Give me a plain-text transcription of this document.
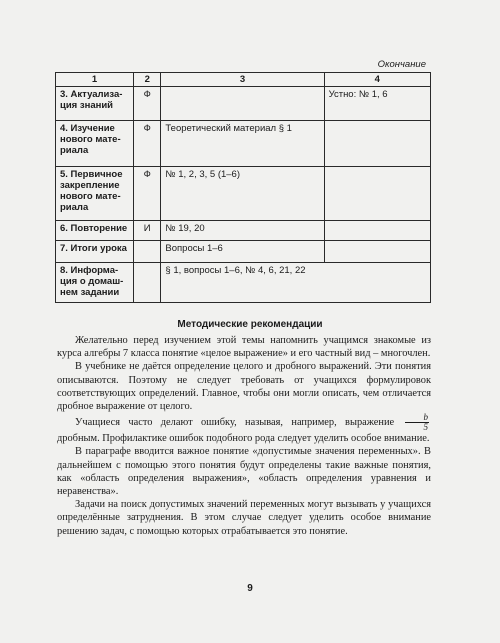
Окончание
1	2	3	4
3. Актуализа-
ция знаний	Ф		Устно: № 1, 6
4. Изучение
нового мате-
риала	Ф	Теоретический материал § 1	
5. Первичное
закрепление
нового мате-
риала	Ф	№ 1, 2, 3, 5 (1–6)	
6. Повторение	И	№ 19, 20	
7. Итоги урока		Вопросы 1–6	
8. Информа-
ция о домаш-
нем задании		§ 1, вопросы 1–6, № 4, 6, 21, 22	
Методические рекомендации

Желательно перед изучением этой темы напомнить учащимся знакомые из курса алгебры 7 класса понятие «целое выражение» и его частный вид – многочлен.

В учебнике не даётся определение целого и дробного выражений. Эти понятия описываются. Поэтому не следует требовать от учащихся формулировок соответствующих определений. Главное, чтобы они могли описать, чем отличается дробное выражение от целого.

Учащиеся часто делают ошибку, называя, например, выражение $\frac{b}{5}$
дробным. Профилактике ошибок подобного рода следует уделить особое внимание.

В параграфе вводится важное понятие «допустимые значения переменных». В дальнейшем с помощью этого понятия будут определены такие важные понятия, как «область определения выражения», «область определения уравнения и неравенства».

Задачи на поиск допустимых значений переменных могут вызывать у учащихся определённые затруднения. В этом случае следует уделить особое внимание решению задач, с помощью которых отрабатывается это понятие.

9
